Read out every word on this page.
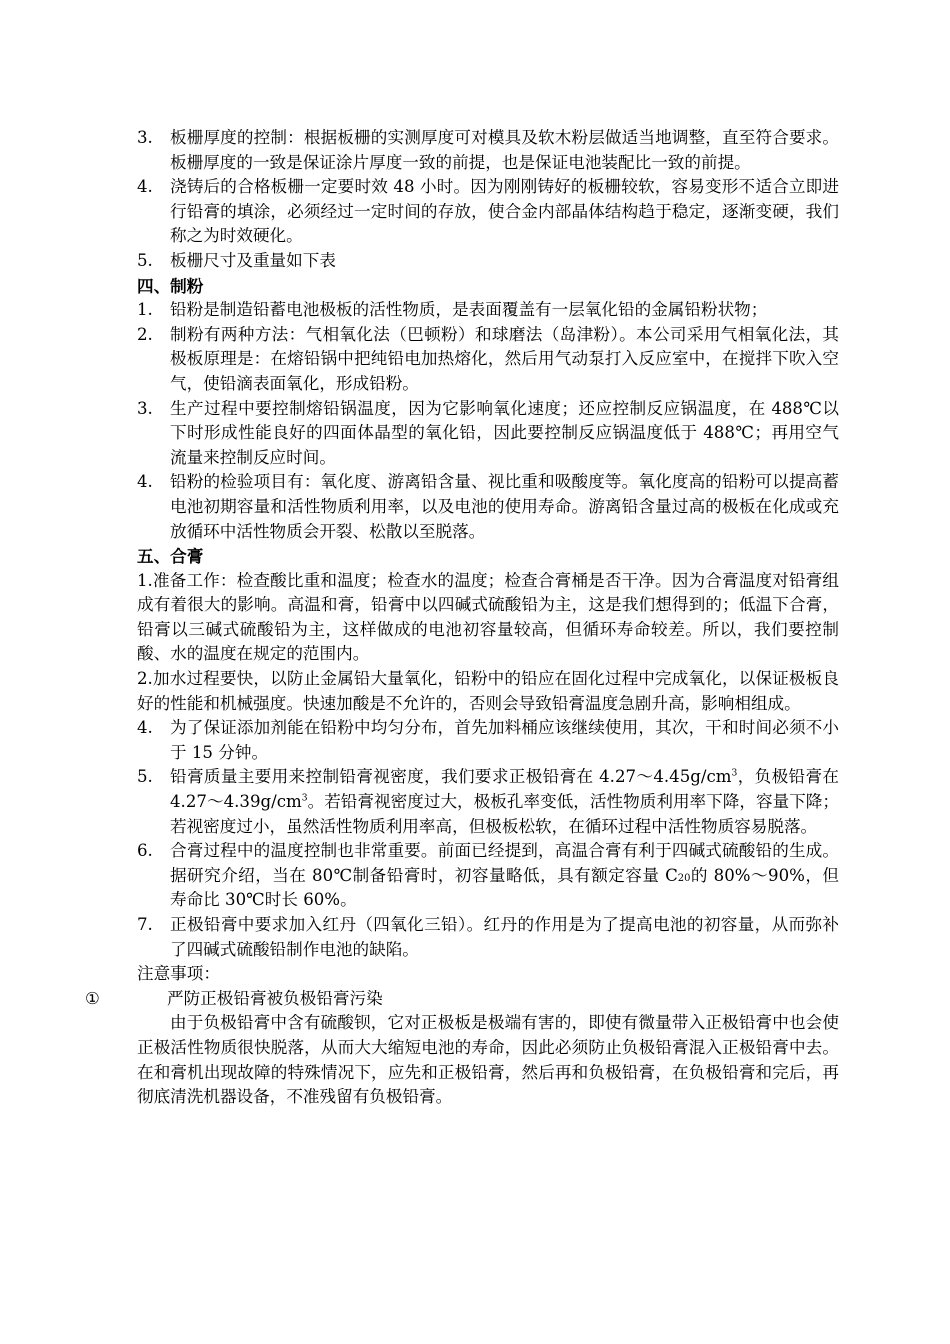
3.	板栅厚度的控制：根据板栅的实测厚度可对模具及软木粉层做适当地调整，直至符合要求。板栅厚度的一致是保证涂片厚度一致的前提，也是保证电池装配比一致的前提。
4.	浇铸后的合格板栅一定要时效 48 小时。因为刚刚铸好的板栅较软，容易变形不适合立即进行铅膏的填涂，必须经过一定时间的存放，使合金内部晶体结构趋于稳定，逐渐变硬，我们称之为时效硬化。
5.	板栅尺寸及重量如下表
四、制粉
1.	铅粉是制造铅蓄电池极板的活性物质，是表面覆盖有一层氧化铅的金属铅粉状物；
2.	制粉有两种方法：气相氧化法（巴顿粉）和球磨法（岛津粉）。本公司采用气相氧化法，其极板原理是：在熔铅锅中把纯铅电加热熔化，然后用气动泵打入反应室中，在搅拌下吹入空气，使铅滴表面氧化，形成铅粉。
3.	生产过程中要控制熔铅锅温度，因为它影响氧化速度；还应控制反应锅温度，在 488℃以下时形成性能良好的四面体晶型的氧化铅，因此要控制反应锅温度低于 488℃；再用空气流量来控制反应时间。
4.	铅粉的检验项目有：氧化度、游离铅含量、视比重和吸酸度等。氧化度高的铅粉可以提高蓄电池初期容量和活性物质利用率，以及电池的使用寿命。游离铅含量过高的极板在化成或充放循环中活性物质会开裂、松散以至脱落。
五、合膏
1.准备工作：检查酸比重和温度；检查水的温度；检查合膏桶是否干净。因为合膏温度对铅膏组成有着很大的影响。高温和膏，铅膏中以四碱式硫酸铅为主，这是我们想得到的；低温下合膏，铅膏以三碱式硫酸铅为主，这样做成的电池初容量较高，但循环寿命较差。所以，我们要控制酸、水的温度在规定的范围内。
2.加水过程要快，以防止金属铅大量氧化，铅粉中的铅应在固化过程中完成氧化，以保证极板良好的性能和机械强度。快速加酸是不允许的，否则会导致铅膏温度急剧升高，影响相组成。
4.	为了保证添加剂能在铅粉中均匀分布，首先加料桶应该继续使用，其次，干和时间必须不小于 15 分钟。
5.	铅膏质量主要用来控制铅膏视密度，我们要求正极铅膏在 $4.27\sim 4.45g/cm^3$，负极铅膏在 $4.27\sim 4.39g/cm^3$。若铅膏视密度过大，极板孔率变低，活性物质利用率下降，容量下降；若视密度过小，虽然活性物质利用率高，但极板松软，在循环过程中活性物质容易脱落。
6.	合膏过程中的温度控制也非常重要。前面已经提到，高温合膏有利于四碱式硫酸铅的生成。据研究介绍，当在 80℃制备铅膏时，初容量略低，具有额定容量 C20的 80%～90%，但寿命比 30℃时长 60%。
7.	正极铅膏中要求加入红丹（四氧化三铅）。红丹的作用是为了提高电池的初容量，从而弥补了四碱式硫酸铅制作电池的缺陷。
注意事项：
①	严防正极铅膏被负极铅膏污染
由于负极铅膏中含有硫酸钡，它对正极板是极端有害的，即使有微量带入正极铅膏中也会使正极活性物质很快脱落，从而大大缩短电池的寿命，因此必须防止负极铅膏混入正极铅膏中去。在和膏机出现故障的特殊情况下，应先和正极铅膏，然后再和负极铅膏，在负极铅膏和完后，再彻底清洗机器设备，不准残留有负极铅膏。
